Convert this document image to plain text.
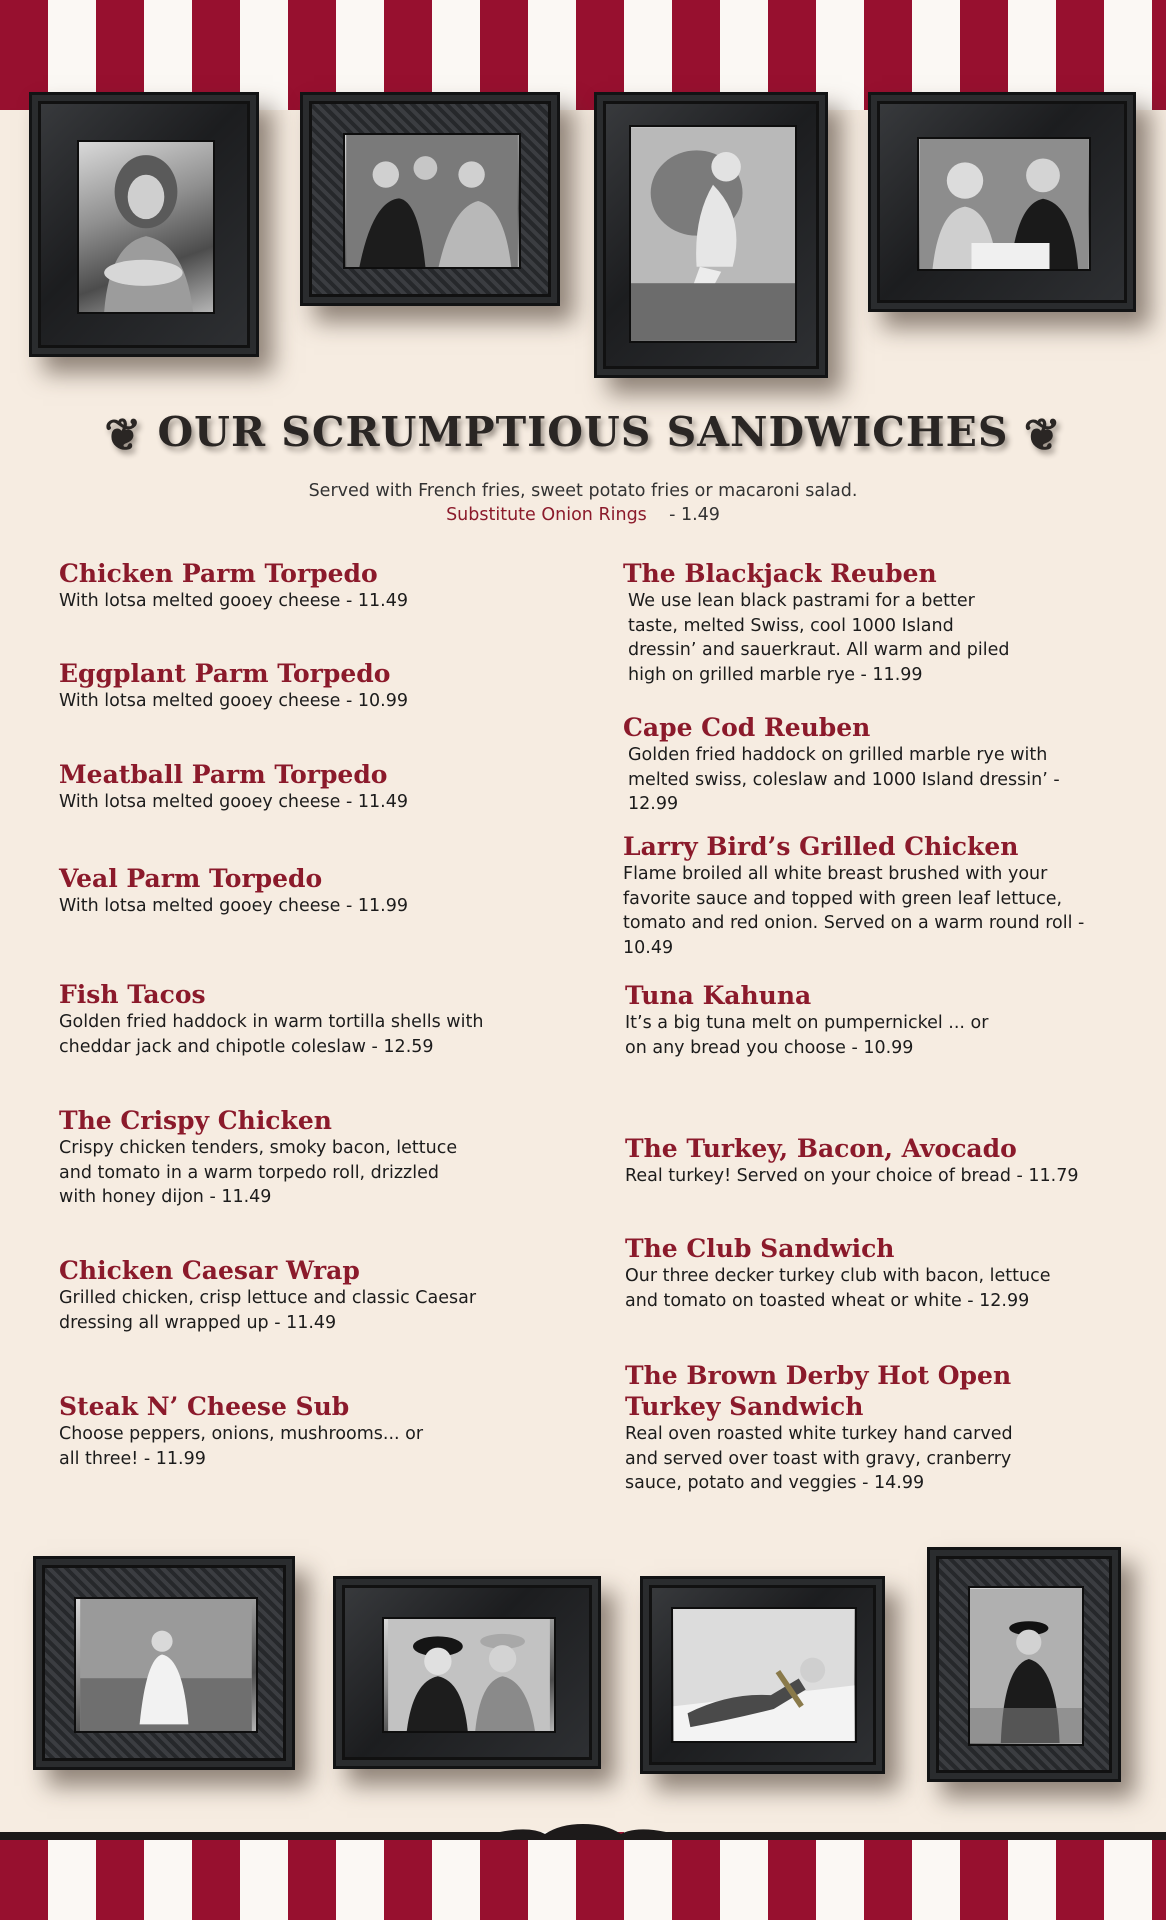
❦ OUR SCRUMPTIOUS SANDWICHES ❦
Served with French fries, sweet potato fries or macaroni salad.
Substitute Onion Rings - 1.49
Chicken Parm Torpedo

With lotsa melted gooey cheese - 11.49

Eggplant Parm Torpedo

With lotsa melted gooey cheese - 10.99

Meatball Parm Torpedo

With lotsa melted gooey cheese - 11.49

Veal Parm Torpedo

With lotsa melted gooey cheese - 11.99

Fish Tacos

Golden fried haddock in warm tortilla shells with cheddar jack and chipotle coleslaw - 12.59

The Crispy Chicken

Crispy chicken tenders, smoky bacon, lettuce and tomato in a warm torpedo roll, drizzled with honey dijon - 11.49

Chicken Caesar Wrap

Grilled chicken, crisp lettuce and classic Caesar dressing all wrapped up - 11.49

Steak N’ Cheese Sub

Choose peppers, onions, mushrooms... or all three! - 11.99

The Blackjack Reuben

We use lean black pastrami for a better taste, melted Swiss, cool 1000 Island dressin’ and sauerkraut. All warm and piled high on grilled marble rye - 11.99

Cape Cod Reuben

Golden fried haddock on grilled marble rye with melted swiss, coleslaw and 1000 Island dressin’ - 12.99

Larry Bird’s Grilled Chicken

Flame broiled all white breast brushed with your favorite sauce and topped with green leaf lettuce, tomato and red onion. Served on a warm round roll - 10.49

Tuna Kahuna

It’s a big tuna melt on pumpernickel ... or on any bread you choose - 10.99

The Turkey, Bacon, Avocado

Real turkey! Served on your choice of bread - 11.79

The Club Sandwich

Our three decker turkey club with bacon, lettuce and tomato on toasted wheat or white - 12.99

The Brown Derby Hot Open Turkey Sandwich

Real oven roasted white turkey hand carved and served over toast with gravy, cranberry sauce, potato and veggies - 14.99
